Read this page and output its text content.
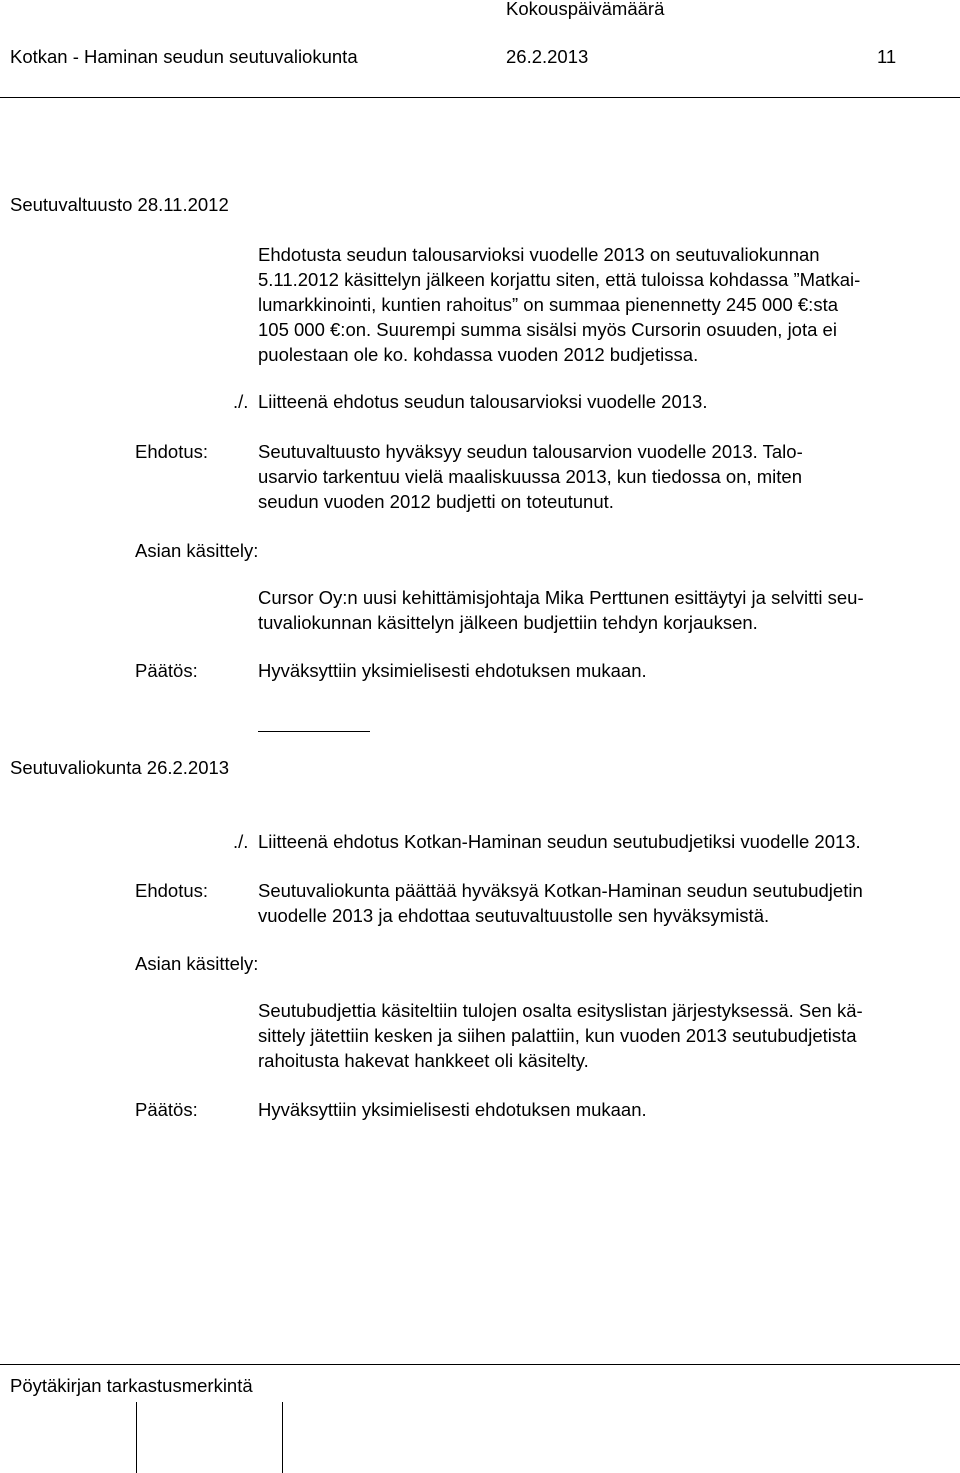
Kokouspäivämäärä
Kotkan - Haminan seudun seutuvaliokunta	26.2.2013	11
Seutuvaltuusto 28.11.2012
Ehdotusta seudun talousarvioksi vuodelle 2013 on seutuvaliokunnan
5.11.2012 käsittelyn jälkeen korjattu siten, että tuloissa kohdassa ”Matkai-
lumarkkinointi, kuntien rahoitus” on summaa pienennetty 245 000 €:sta
105 000 €:on. Suurempi summa sisälsi myös Cursorin osuuden, jota ei
puolestaan ole ko. kohdassa vuoden 2012 budjetissa.
./. Liitteenä ehdotus seudun talousarvioksi vuodelle 2013.
Ehdotus:	Seutuvaltuusto hyväksyy seudun talousarvion vuodelle 2013. Talo-
usarvio tarkentuu vielä maaliskuussa 2013, kun tiedossa on, miten
seudun vuoden 2012 budjetti on toteutunut.
Asian käsittely:
Cursor Oy:n uusi kehittämisjohtaja Mika Perttunen esittäytyi ja selvitti seu-
tuvaliokunnan käsittelyn jälkeen budjettiin tehdyn korjauksen.
Päätös:	Hyväksyttiin yksimielisesti ehdotuksen mukaan.
Seutuvaliokunta 26.2.2013
./. Liitteenä ehdotus Kotkan-Haminan seudun seutubudjetiksi vuodelle 2013.
Ehdotus:	Seutuvaliokunta päättää hyväksyä Kotkan-Haminan seudun seutubudjetin
vuodelle 2013 ja ehdottaa seutuvaltuustolle sen hyväksymistä.
Asian käsittely:
Seutubudjettia käsiteltiin tulojen osalta esityslistan järjestyksessä. Sen kä-
sittely jätettiin kesken ja siihen palattiin, kun vuoden 2013 seutubudjetista
rahoitusta hakevat hankkeet oli käsitelty.
Päätös:	Hyväksyttiin yksimielisesti ehdotuksen mukaan.
Pöytäkirjan tarkastusmerkintä
